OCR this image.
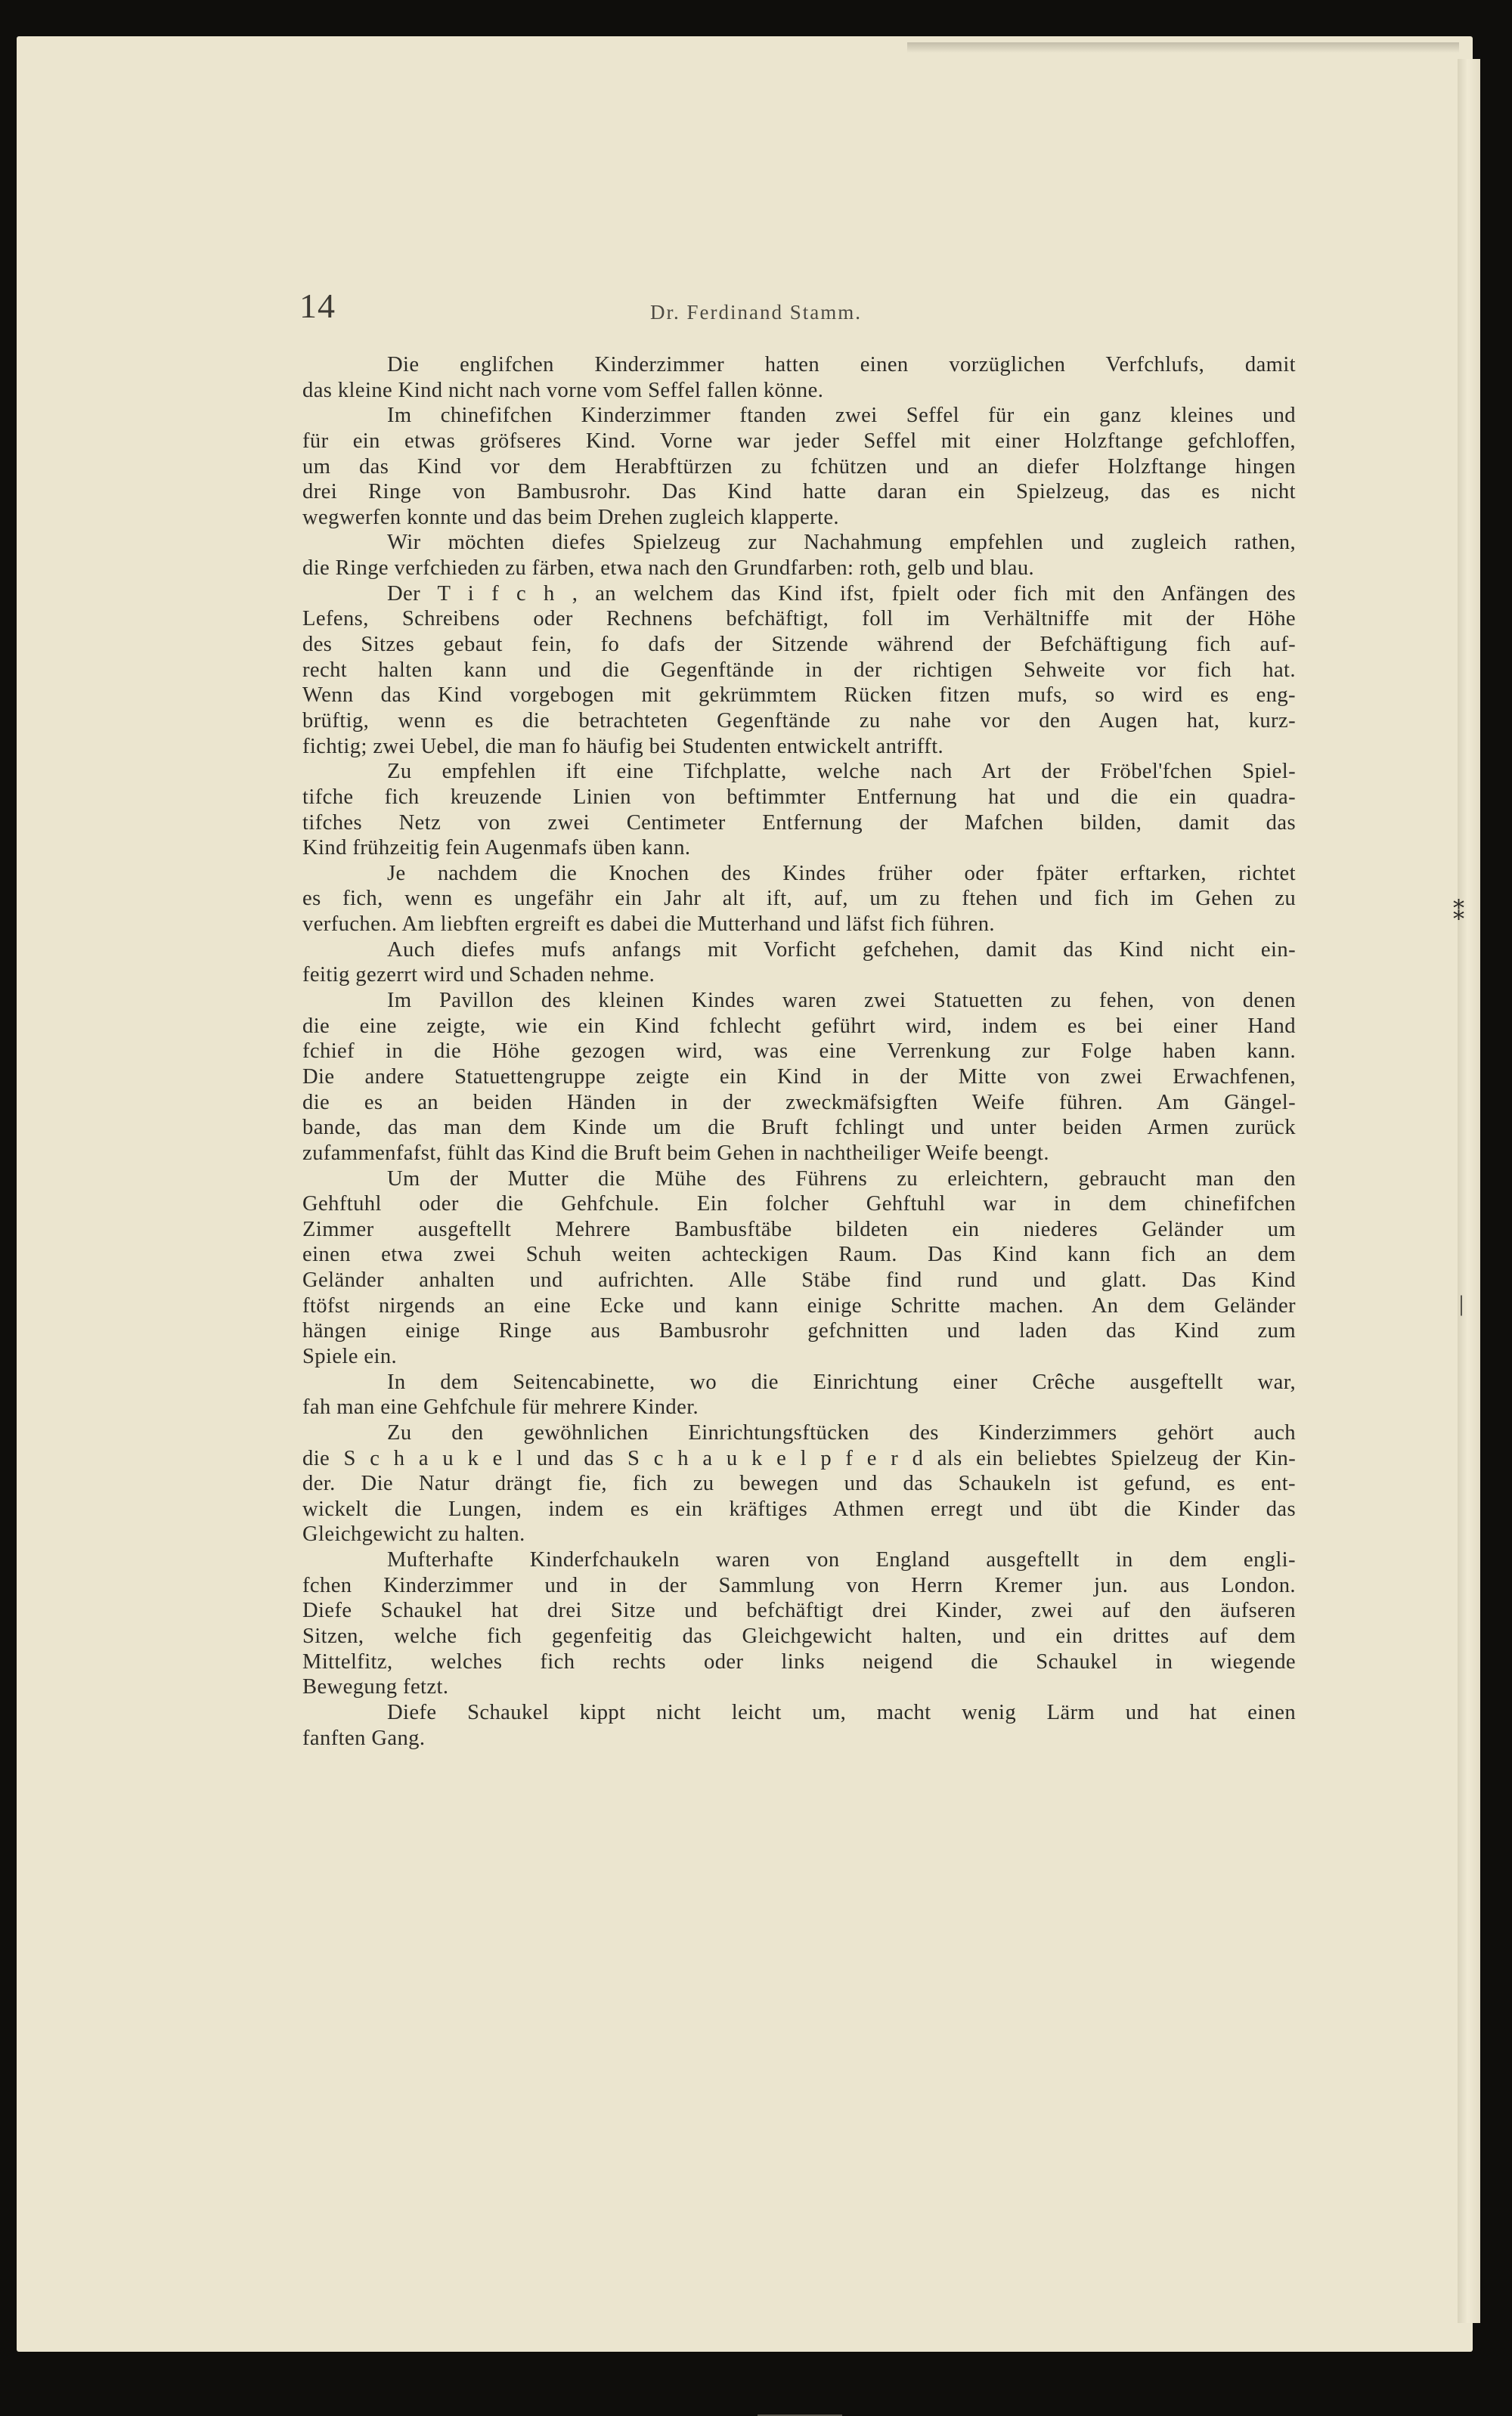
14	Dr. Ferdinand Stamm.
Die englifchen Kinderzimmer hatten einen vorzüglichen Verfchlufs, damit
das kleine Kind nicht nach vorne vom Seffel fallen könne.
Im chinefifchen Kinderzimmer ftanden zwei Seffel für ein ganz kleines und
für ein etwas gröfseres Kind. Vorne war jeder Seffel mit einer Holzftange gefchloffen,
um das Kind vor dem Herabftürzen zu fchützen und an diefer Holzftange hingen
drei Ringe von Bambusrohr. Das Kind hatte daran ein Spielzeug, das es nicht
wegwerfen konnte und das beim Drehen zugleich klapperte.
Wir möchten diefes Spielzeug zur Nachahmung empfehlen und zugleich rathen,
die Ringe verfchieden zu färben, etwa nach den Grundfarben: roth, gelb und blau.
Der T i f c h , an welchem das Kind ifst, fpielt oder fich mit den Anfängen des
Lefens, Schreibens oder Rechnens befchäftigt, foll im Verhältniffe mit der Höhe
des Sitzes gebaut fein, fo dafs der Sitzende während der Befchäftigung fich auf-
recht halten kann und die Gegenftände in der richtigen Sehweite vor fich hat.
Wenn das Kind vorgebogen mit gekrümmtem Rücken fitzen mufs, so wird es eng-
brüftig, wenn es die betrachteten Gegenftände zu nahe vor den Augen hat, kurz-
fichtig; zwei Uebel, die man fo häufig bei Studenten entwickelt antrifft.
Zu empfehlen ift eine Tifchplatte, welche nach Art der Fröbel'fchen Spiel-
tifche fich kreuzende Linien von beftimmter Entfernung hat und die ein quadra-
tifches Netz von zwei Centimeter Entfernung der Mafchen bilden, damit das
Kind frühzeitig fein Augenmafs üben kann.
Je nachdem die Knochen des Kindes früher oder fpäter erftarken, richtet
es fich, wenn es ungefähr ein Jahr alt ift, auf, um zu ftehen und fich im Gehen zu
verfuchen. Am liebften ergreift es dabei die Mutterhand und läfst fich führen.
Auch diefes mufs anfangs mit Vorficht gefchehen, damit das Kind nicht ein-
feitig gezerrt wird und Schaden nehme.
Im Pavillon des kleinen Kindes waren zwei Statuetten zu fehen, von denen
die eine zeigte, wie ein Kind fchlecht geführt wird, indem es bei einer Hand
fchief in die Höhe gezogen wird, was eine Verrenkung zur Folge haben kann.
Die andere Statuettengruppe zeigte ein Kind in der Mitte von zwei Erwachfenen,
die es an beiden Händen in der zweckmäfsigften Weife führen. Am Gängel-
bande, das man dem Kinde um die Bruft fchlingt und unter beiden Armen zurück
zufammenfafst, fühlt das Kind die Bruft beim Gehen in nachtheiliger Weife beengt.
Um der Mutter die Mühe des Führens zu erleichtern, gebraucht man den
Gehftuhl oder die Gehfchule. Ein folcher Gehftuhl war in dem chinefifchen
Zimmer ausgeftellt Mehrere Bambusftäbe bildeten ein niederes Geländer um
einen etwa zwei Schuh weiten achteckigen Raum. Das Kind kann fich an dem
Geländer anhalten und aufrichten. Alle Stäbe find rund und glatt. Das Kind
ftöfst nirgends an eine Ecke und kann einige Schritte machen. An dem Geländer
hängen einige Ringe aus Bambusrohr gefchnitten und laden das Kind zum
Spiele ein.
In dem Seitencabinette, wo die Einrichtung einer Crêche ausgeftellt war,
fah man eine Gehfchule für mehrere Kinder.
Zu den gewöhnlichen Einrichtungsftücken des Kinderzimmers gehört auch
die S c h a u k e l und das S c h a u k e l p f e r d als ein beliebtes Spielzeug der Kin-
der. Die Natur drängt fie, fich zu bewegen und das Schaukeln ist gefund, es ent-
wickelt die Lungen, indem es ein kräftiges Athmen erregt und übt die Kinder das
Gleichgewicht zu halten.
Mufterhafte Kinderfchaukeln waren von England ausgeftellt in dem engli-
fchen Kinderzimmer und in der Sammlung von Herrn Kremer jun. aus London.
Diefe Schaukel hat drei Sitze und befchäftigt drei Kinder, zwei auf den äufseren
Sitzen, welche fich gegenfeitig das Gleichgewicht halten, und ein drittes auf dem
Mittelfitz, welches fich rechts oder links neigend die Schaukel in wiegende
Bewegung fetzt.
Diefe Schaukel kippt nicht leicht um, macht wenig Lärm und hat einen
fanften Gang.
⁑
|
